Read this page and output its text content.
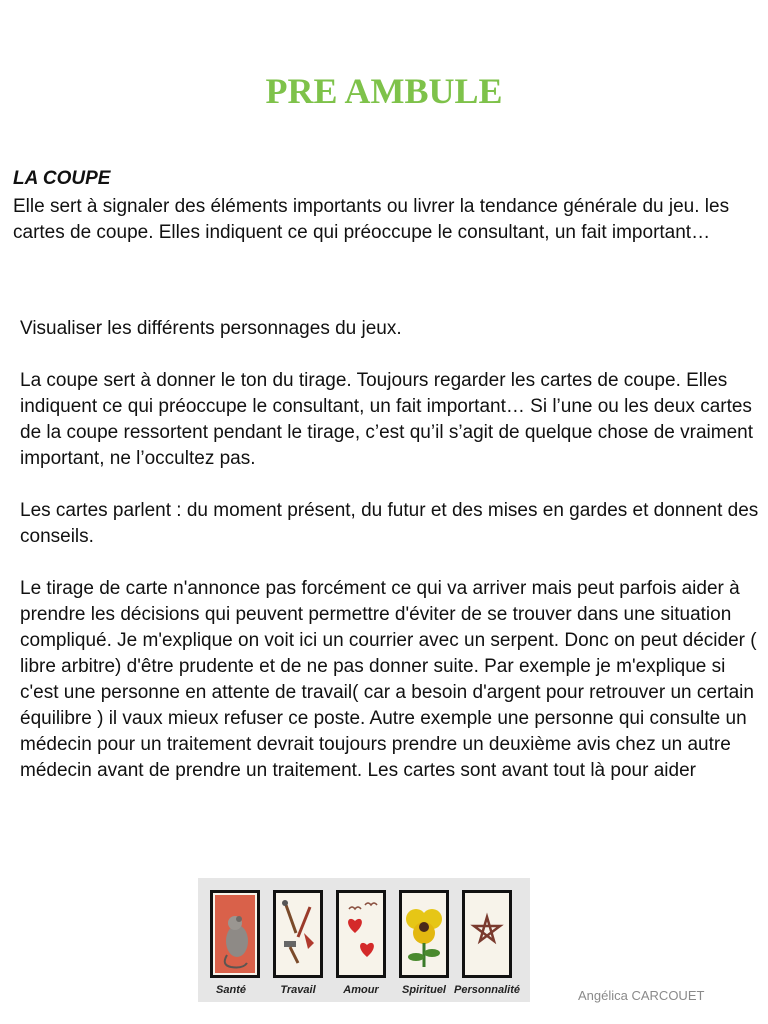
PRE AMBULE
LA COUPE

Elle sert à signaler des éléments importants ou livrer la tendance générale du jeu. les cartes de coupe. Elles indiquent ce qui préoccupe le consultant, un fait important…

Visualiser les différents personnages du jeux.

La coupe sert à donner le ton du tirage. Toujours regarder les cartes de coupe. Elles indiquent ce qui préoccupe le consultant, un fait important… Si l’une ou les deux cartes de la coupe ressortent pendant le tirage, c’est qu’il s’agit de quelque chose de vraiment important, ne l’occultez pas.

Les cartes parlent : du moment présent, du futur et des mises en gardes et donnent des conseils.

Le tirage de carte n'annonce pas forcément ce qui va arriver mais peut parfois aider à prendre les décisions qui peuvent permettre d'éviter de se trouver dans une situation compliqué. Je m'explique on voit ici un courrier avec un serpent. Donc on peut décider ( libre arbitre) d'être prudente et de ne pas donner suite. Par exemple je m'explique si c'est une personne en attente de travail( car a besoin d'argent pour retrouver un certain équilibre ) il vaux mieux refuser ce poste. Autre exemple une personne qui consulte un médecin pour un traitement devrait toujours prendre un deuxième avis chez un autre médecin avant de prendre un traitement. Les cartes sont avant tout là pour aider

Santé	Travail	Amour	Spirituel Personnalité	Angélica CARCOUET
